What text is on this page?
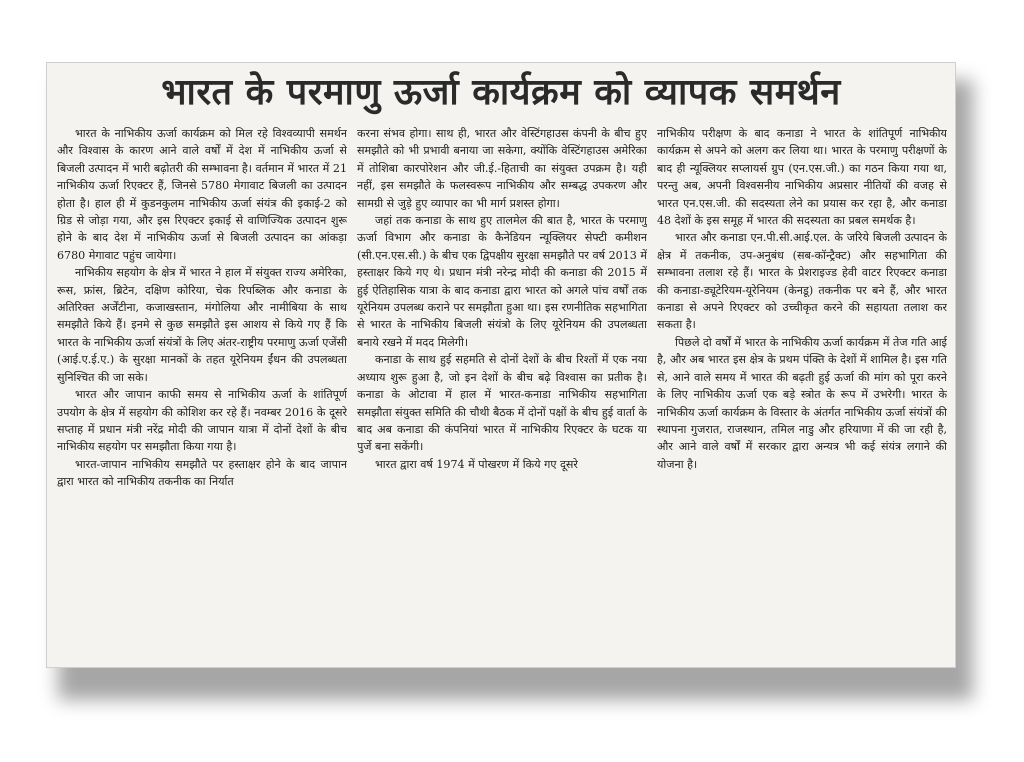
भारत के परमाणु ऊर्जा कार्यक्रम को व्यापक समर्थन

भारत के नाभिकीय ऊर्जा कार्यक्रम को मिल रहे विश्वव्यापी समर्थन और विश्वास के कारण आने वाले वर्षों में देश में नाभिकीय ऊर्जा से बिजली उत्पादन में भारी बढ़ोतरी की सम्भावना है। वर्तमान में भारत में 21 नाभिकीय ऊर्जा रिएक्टर हैं, जिनसे 5780 मेगावाट बिजली का उत्पादन होता है। हाल ही में कुडनकुलम नाभिकीय ऊर्जा संयंत्र की इकाई-2 को ग्रिड से जोड़ा गया, और इस रिएक्टर इकाई से वाणिज्यिक उत्पादन शुरू होने के बाद देश में नाभिकीय ऊर्जा से बिजली उत्पादन का आंकड़ा 6780 मेगावाट पहुंच जायेगा।

नाभिकीय सहयोग के क्षेत्र में भारत ने हाल में संयुक्त राज्य अमेरिका, रूस, फ्रांस, ब्रिटेन, दक्षिण कोरिया, चेक रिपब्लिक और कनाडा के अतिरिक्त अर्जेंटीना, कजाखस्तान, मंगोलिया और नामीबिया के साथ समझौते किये हैं। इनमे से कुछ समझौते इस आशय से किये गए हैं कि भारत के नाभिकीय ऊर्जा संयंत्रों के लिए अंतर-राष्ट्रीय परमाणु ऊर्जा एजेंसी (आई.ए.ई.ए.) के सुरक्षा मानकों के तहत यूरेनियम ईंधन की उपलब्धता सुनिश्चित की जा सके।

भारत और जापान काफी समय से नाभिकीय ऊर्जा के शांतिपूर्ण उपयोग के क्षेत्र में सहयोग की कोशिश कर रहे हैं। नवम्बर 2016 के दूसरे सप्ताह में प्रधान मंत्री नरेंद्र मोदी की जापान यात्रा में दोनों देशों के बीच नाभिकीय सहयोग पर समझौता किया गया है।

भारत-जापान नाभिकीय समझौते पर हस्ताक्षर होने के बाद जापान द्वारा भारत को नाभिकीय तकनीक का निर्यात

करना संभव होगा। साथ ही, भारत और वेस्टिंगहाउस कंपनी के बीच हुए समझौते को भी प्रभावी बनाया जा सकेगा, क्योंकि वेस्टिंगहाउस अमेरिका में तोशिबा कारपोरेशन और जी.ई.-हिताची का संयुक्त उपक्रम है। यही नहीं, इस समझौते के फलस्वरूप नाभिकीय और सम्बद्ध उपकरण और सामग्री से जुड़े हुए व्यापार का भी मार्ग प्रशस्त होगा।

जहां तक कनाडा के साथ हुए तालमेल की बात है, भारत के परमाणु ऊर्जा विभाग और कनाडा के कैनेडियन न्यूक्लियर सेफ्टी कमीशन (सी.एन.एस.सी.) के बीच एक द्विपक्षीय सुरक्षा समझौते पर वर्ष 2013 में हस्ताक्षर किये गए थे। प्रधान मंत्री नरेन्द्र मोदी की कनाडा की 2015 में हुई ऐतिहासिक यात्रा के बाद कनाडा द्वारा भारत को अगले पांच वर्षों तक यूरेनियम उपलब्ध कराने पर समझौता हुआ था। इस रणनीतिक सहभागिता से भारत के नाभिकीय बिजली संयंत्रो के लिए यूरेनियम की उपलब्धता बनाये रखने में मदद मिलेगी।

कनाडा के साथ हुई सहमति से दोनों देशों के बीच रिश्तों में एक नया अध्याय शुरू हुआ है, जो इन देशों के बीच बढ़े विश्वास का प्रतीक है। कनाडा के ओटावा में हाल में भारत-कनाडा नाभिकीय सहभागिता समझौता संयुक्त समिति की चौथी बैठक में दोनों पक्षों के बीच हुई वार्ता के बाद अब कनाडा की कंपनियां भारत में नाभिकीय रिएक्टर के घटक या पुर्जे बना सकेंगी।

भारत द्वारा वर्ष 1974 में पोखरण में किये गए दूसरे

नाभिकीय परीक्षण के बाद कनाडा ने भारत के शांतिपूर्ण नाभिकीय कार्यक्रम से अपने को अलग कर लिया था। भारत के परमाणु परीक्षणों के बाद ही न्यूक्लियर सप्लायर्स ग्रुप (एन.एस.जी.) का गठन किया गया था, परन्तु अब, अपनी विश्वसनीय नाभिकीय अप्रसार नीतियों की वजह से भारत एन.एस.जी. की सदस्यता लेने का प्रयास कर रहा है, और कनाडा 48 देशों के इस समूह में भारत की सदस्यता का प्रबल समर्थक है।

भारत और कनाडा एन.पी.सी.आई.एल. के जरिये बिजली उत्पादन के क्षेत्र में तकनीक, उप-अनुबंध (सब-कॉन्ट्रैक्ट) और सहभागिता की सम्भावना तलाश रहे हैं। भारत के प्रेशराइज्ड हेवी वाटर रिएक्टर कनाडा की कनाडा-ड्यूटेरियम-यूरेनियम (केनडू) तकनीक पर बने हैं, और भारत कनाडा से अपने रिएक्टर को उच्चीकृत करने की सहायता तलाश कर सकता है।

पिछले दो वर्षों में भारत के नाभिकीय ऊर्जा कार्यक्रम में तेज गति आई है, और अब भारत इस क्षेत्र के प्रथम पंक्ति के देशों में शामिल है। इस गति से, आने वाले समय में भारत की बढ़ती हुई ऊर्जा की मांग को पूरा करने के लिए नाभिकीय ऊर्जा एक बड़े स्त्रोत के रूप में उभरेगी। भारत के नाभिकीय ऊर्जा कार्यक्रम के विस्तार के अंतर्गत नाभिकीय ऊर्जा संयंत्रों की स्थापना गुजरात, राजस्थान, तमिल नाडु और हरियाणा में की जा रही है, और आने वाले वर्षों में सरकार द्वारा अन्यत्र भी कई संयंत्र लगाने की योजना है।
